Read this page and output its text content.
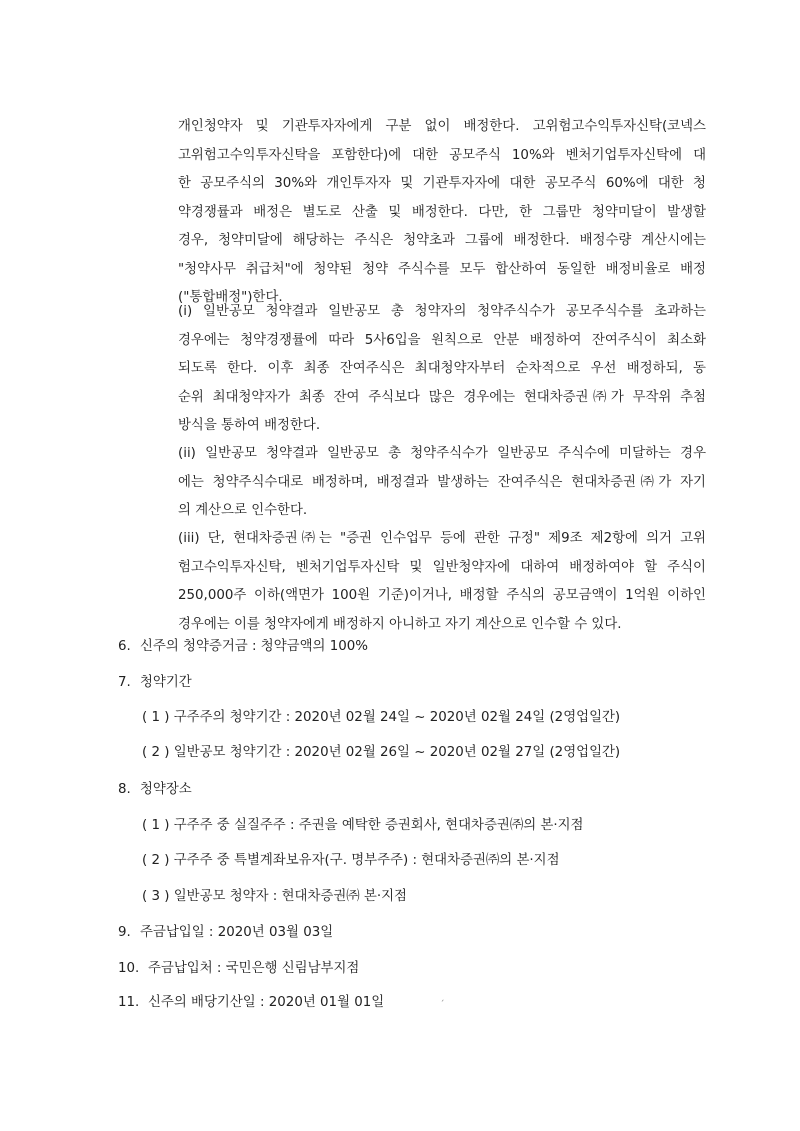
개인청약자 및 기관투자자에게 구분 없이 배정한다. 고위험고수익투자신탁(코넥스
고위험고수익투자신탁을 포함한다)에 대한 공모주식 10%와 벤처기업투자신탁에 대
한 공모주식의 30%와 개인투자자 및 기관투자자에 대한 공모주식 60%에 대한 청
약경쟁률과 배정은 별도로 산출 및 배정한다. 다만, 한 그룹만 청약미달이 발생할
경우, 청약미달에 해당하는 주식은 청약초과 그룹에 배정한다. 배정수량 계산시에는
"청약사무 취급처"에 청약된 청약 주식수를 모두 합산하여 동일한 배정비율로 배정
("통합배정")한다.
(i) 일반공모 청약결과 일반공모 총 청약자의 청약주식수가 공모주식수를 초과하는
경우에는 청약경쟁률에 따라 5사6입을 원칙으로 안분 배정하여 잔여주식이 최소화
되도록 한다. 이후 최종 잔여주식은 최대청약자부터 순차적으로 우선 배정하되, 동
순위 최대청약자가 최종 잔여 주식보다 많은 경우에는 현대차증권㈜가 무작위 추첨
방식을 통하여 배정한다.
(ii) 일반공모 청약결과 일반공모 총 청약주식수가 일반공모 주식수에 미달하는 경우
에는 청약주식수대로 배정하며, 배정결과 발생하는 잔여주식은 현대차증권㈜가 자기
의 계산으로 인수한다.
(iii) 단, 현대차증권㈜는 "증권 인수업무 등에 관한 규정" 제9조 제2항에 의거 고위
험고수익투자신탁, 벤처기업투자신탁 및 일반청약자에 대하여 배정하여야 할 주식이
250,000주 이하(액면가 100원 기준)이거나, 배정할 주식의 공모금액이 1억원 이하인
경우에는 이를 청약자에게 배정하지 아니하고 자기 계산으로 인수할 수 있다.
6. 신주의 청약증거금 : 청약금액의 100%
7. 청약기간
( 1 ) 구주주의 청약기간 : 2020년 02월 24일 ~ 2020년 02월 24일 (2영업일간)
( 2 ) 일반공모 청약기간 : 2020년 02월 26일 ~ 2020년 02월 27일 (2영업일간)
8. 청약장소
( 1 ) 구주주 중 실질주주 : 주권을 예탁한 증권회사, 현대차증권㈜의 본·지점
( 2 ) 구주주 중 특별계좌보유자(구. 명부주주) : 현대차증권㈜의 본·지점
( 3 ) 일반공모 청약자 : 현대차증권㈜ 본·지점
9. 주금납입일 : 2020년 03월 03일
10. 주금납입처 : 국민은행 신림남부지점
11. 신주의 배당기산일 : 2020년 01월 01일	ˊ
